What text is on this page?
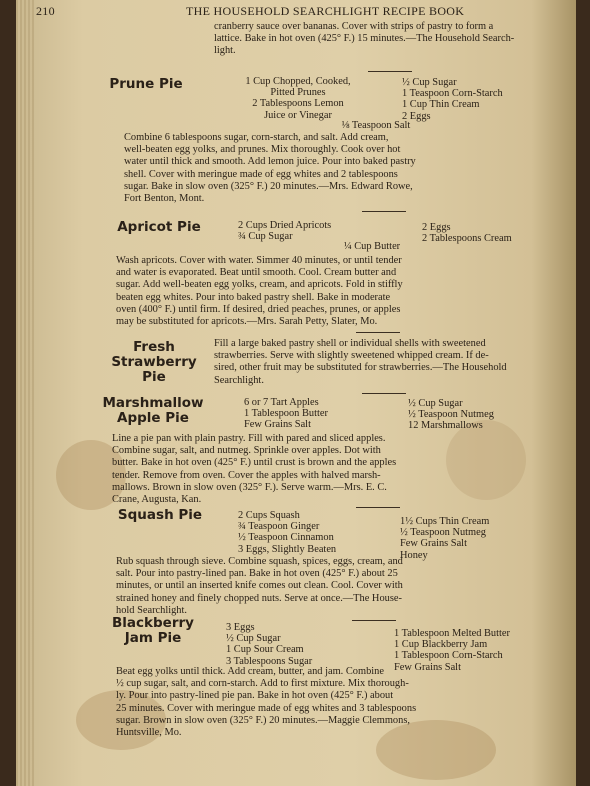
210	THE HOUSEHOLD SEARCHLIGHT RECIPE BOOK
cranberry sauce over bananas. Cover with strips of pastry to form a
lattice. Bake in hot oven (425° F.) 15 minutes.—The Household Search-
light.
Prune Pie	1 Cup Chopped, Cooked,
Pitted Prunes
2 Tablespoons Lemon
Juice or Vinegar
½ Cup Sugar
1 Teaspoon Corn-Starch
1 Cup Thin Cream
2 Eggs
⅛ Teaspoon Salt
Combine 6 tablespoons sugar, corn-starch, and salt. Add cream,
well-beaten egg yolks, and prunes. Mix thoroughly. Cook over hot
water until thick and smooth. Add lemon juice. Pour into baked pastry
shell. Cover with meringue made of egg whites and 2 tablespoons
sugar. Bake in slow oven (325° F.) 20 minutes.—Mrs. Edward Rowe,
Fort Benton, Mont.
Apricot Pie	2 Cups Dried Apricots
¾ Cup Sugar
2 Eggs
2 Tablespoons Cream
¼ Cup Butter
Wash apricots. Cover with water. Simmer 40 minutes, or until tender
and water is evaporated. Beat until smooth. Cool. Cream butter and
sugar. Add well-beaten egg yolks, cream, and apricots. Fold in stiffly
beaten egg whites. Pour into baked pastry shell. Bake in moderate
oven (400° F.) until firm. If desired, dried peaches, prunes, or apples
may be substituted for apricots.—Mrs. Sarah Petty, Slater, Mo.
Fresh
Strawberry
Pie
Fill a large baked pastry shell or individual shells with sweetened
strawberries. Serve with slightly sweetened whipped cream. If de-
sired, other fruit may be substituted for strawberries.—The Household
Searchlight.
Marshmallow
Apple Pie
6 or 7 Tart Apples
1 Tablespoon Butter
Few Grains Salt
½ Cup Sugar
½ Teaspoon Nutmeg
12 Marshmallows
Line a pie pan with plain pastry. Fill with pared and sliced apples.
Combine sugar, salt, and nutmeg. Sprinkle over apples. Dot with
butter. Bake in hot oven (425° F.) until crust is brown and the apples
tender. Remove from oven. Cover the apples with halved marsh-
mallows. Brown in slow oven (325° F.). Serve warm.—Mrs. E. C.
Crane, Augusta, Kan.
Squash Pie	2 Cups Squash
¾ Teaspoon Ginger
½ Teaspoon Cinnamon
3 Eggs, Slightly Beaten
1½ Cups Thin Cream
½ Teaspoon Nutmeg
Few Grains Salt
Honey
Rub squash through sieve. Combine squash, spices, eggs, cream, and
salt. Pour into pastry-lined pan. Bake in hot oven (425° F.) about 25
minutes, or until an inserted knife comes out clean. Cool. Cover with
strained honey and finely chopped nuts. Serve at once.—The House-
hold Searchlight.
Blackberry
Jam Pie
3 Eggs
½ Cup Sugar
1 Cup Sour Cream
3 Tablespoons Sugar
1 Tablespoon Melted Butter
1 Cup Blackberry Jam
1 Tablespoon Corn-Starch
Few Grains Salt
Beat egg yolks until thick. Add cream, butter, and jam. Combine
½ cup sugar, salt, and corn-starch. Add to first mixture. Mix thorough-
ly. Pour into pastry-lined pie pan. Bake in hot oven (425° F.) about
25 minutes. Cover with meringue made of egg whites and 3 tablespoons
sugar. Brown in slow oven (325° F.) 20 minutes.—Maggie Clemmons,
Huntsville, Mo.
